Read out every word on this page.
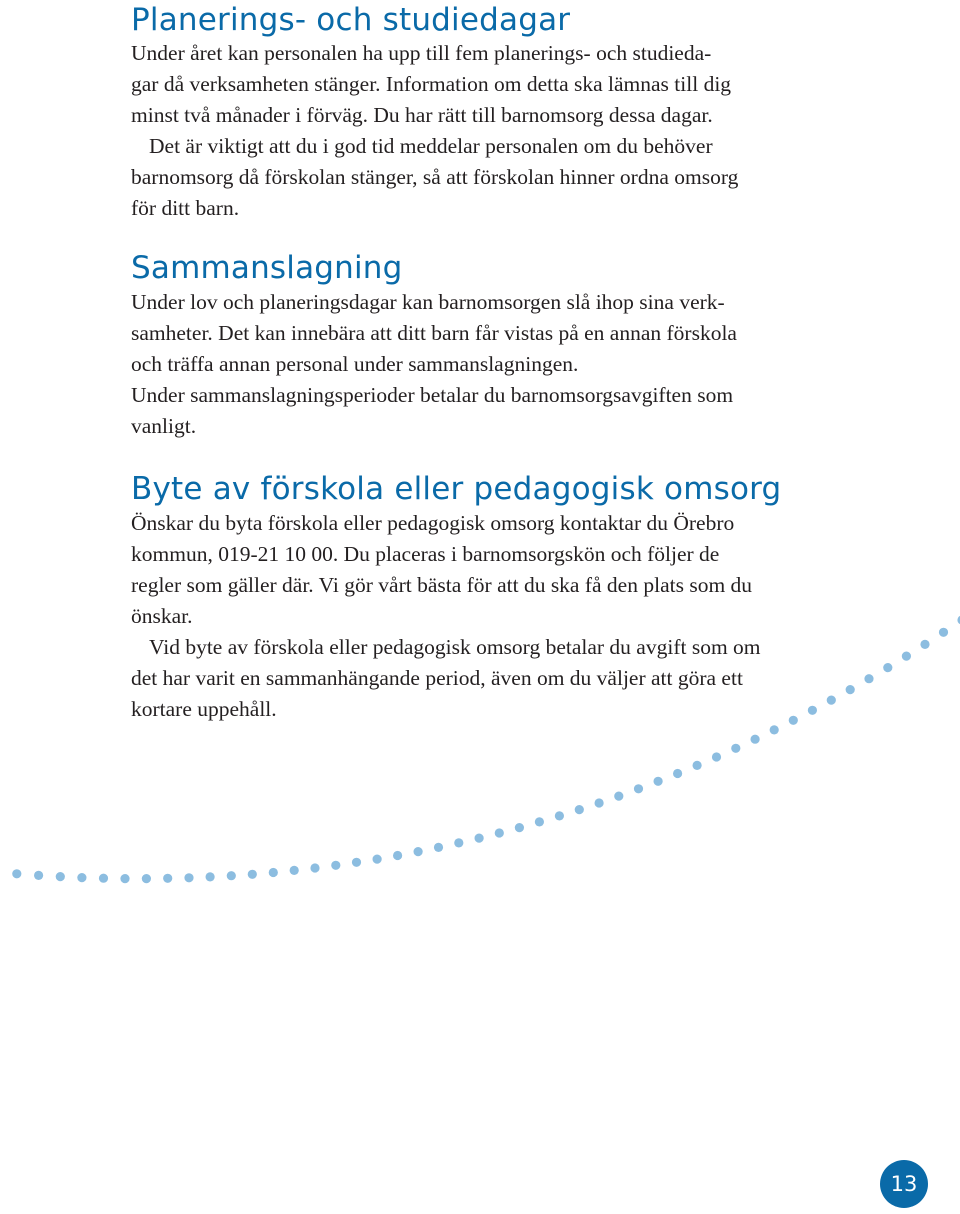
Planerings- och studiedagar
Under året kan personalen ha upp till fem planerings- och studieda-
gar då verksamheten stänger. Information om detta ska lämnas till dig
minst två månader i förväg. Du har rätt till barnomsorg dessa dagar.
Det är viktigt att du i god tid meddelar personalen om du behöver
barnomsorg då förskolan stänger, så att förskolan hinner ordna omsorg
för ditt barn.
Sammanslagning
Under lov och planeringsdagar kan barnomsorgen slå ihop sina verk-
samheter. Det kan innebära att ditt barn får vistas på en annan förskola
och träffa annan personal under sammanslagningen.
Under sammanslagningsperioder betalar du barnomsorgsavgiften som
vanligt.
Byte av förskola eller pedagogisk omsorg
Önskar du byta förskola eller pedagogisk omsorg kontaktar du Örebro
kommun, 019-21 10 00. Du placeras i barnomsorgskön och följer de
regler som gäller där. Vi gör vårt bästa för att du ska få den plats som du
önskar.
Vid byte av förskola eller pedagogisk omsorg betalar du avgift som om
det har varit en sammanhängande period, även om du väljer att göra ett
kortare uppehåll.
13
